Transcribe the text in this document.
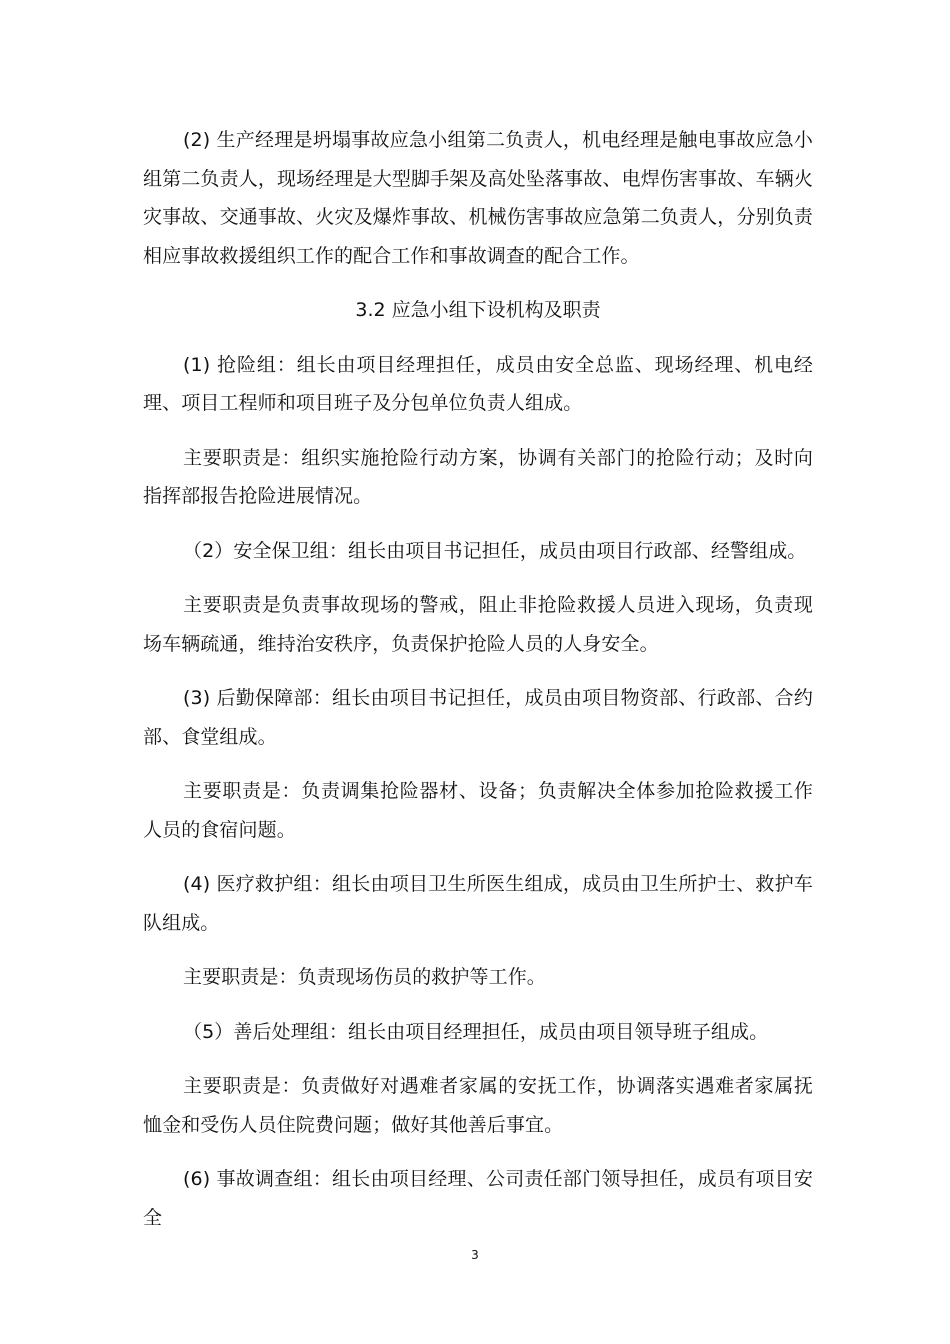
(2) 生产经理是坍塌事故应急小组第二负责人，机电经理是触电事故应急小组第二负责人，现场经理是大型脚手架及高处坠落事故、电焊伤害事故、车辆火灾事故、交通事故、火灾及爆炸事故、机械伤害事故应急第二负责人，分别负责相应事故救援组织工作的配合工作和事故调查的配合工作。

3.2 应急小组下设机构及职责

(1) 抢险组：组长由项目经理担任，成员由安全总监、现场经理、机电经理、项目工程师和项目班子及分包单位负责人组成。

主要职责是：组织实施抢险行动方案，协调有关部门的抢险行动；及时向指挥部报告抢险进展情况。

（2）安全保卫组：组长由项目书记担任，成员由项目行政部、经警组成。

主要职责是负责事故现场的警戒，阻止非抢险救援人员进入现场，负责现场车辆疏通，维持治安秩序，负责保护抢险人员的人身安全。

(3) 后勤保障部：组长由项目书记担任，成员由项目物资部、行政部、合约部、食堂组成。

主要职责是：负责调集抢险器材、设备；负责解决全体参加抢险救援工作人员的食宿问题。

(4) 医疗救护组：组长由项目卫生所医生组成，成员由卫生所护士、救护车队组成。

主要职责是：负责现场伤员的救护等工作。

（5）善后处理组：组长由项目经理担任，成员由项目领导班子组成。

主要职责是：负责做好对遇难者家属的安抚工作，协调落实遇难者家属抚恤金和受伤人员住院费问题；做好其他善后事宜。

(6) 事故调查组：组长由项目经理、公司责任部门领导担任，成员有项目安全

3
